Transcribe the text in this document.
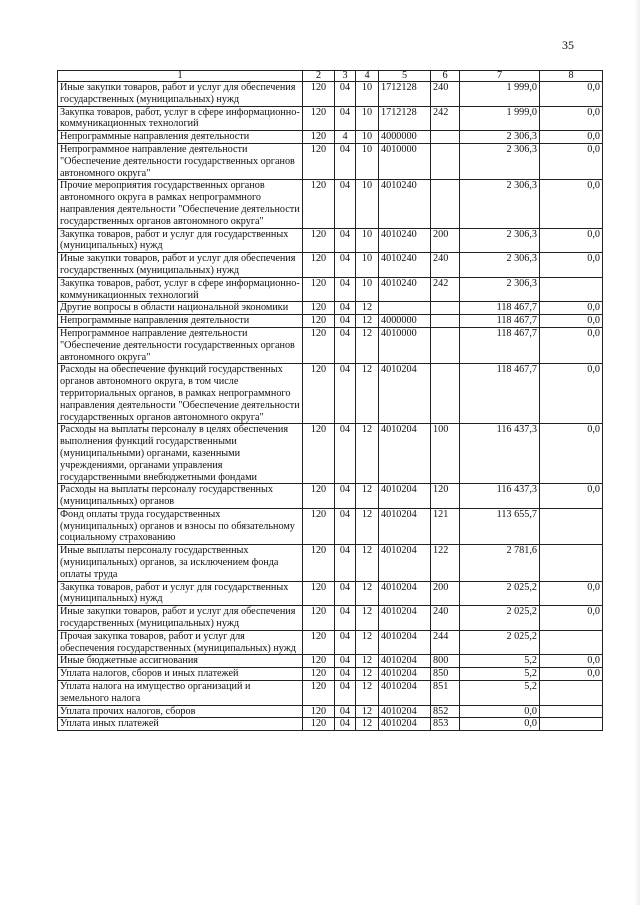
35
1	2	3	4	5	6	7	8
Иные закупки товаров, работ и услуг для обеспечения государственных (муниципальных) нужд	120	04	10	1712128	240	1 999,0	0,0
Закупка товаров, работ, услуг в сфере информационно-коммуникационных технологий	120	04	10	1712128	242	1 999,0	0,0
Непрограммные направления деятельности	120	4	10	4000000		2 306,3	0,0
Непрограммное направление деятельности "Обеспечение деятельности государственных органов автономного округа"	120	04	10	4010000		2 306,3	0,0
Прочие мероприятия государственных органов автономного округа в рамках непрограммного направления деятельности "Обеспечение деятельности государственных органов автономного округа"	120	04	10	4010240		2 306,3	0,0
Закупка товаров, работ и услуг для государственных (муниципальных) нужд	120	04	10	4010240	200	2 306,3	0,0
Иные закупки товаров, работ и услуг для обеспечения государственных (муниципальных) нужд	120	04	10	4010240	240	2 306,3	0,0
Закупка товаров, работ, услуг в сфере информационно-коммуникационных технологий	120	04	10	4010240	242	2 306,3	
Другие вопросы в области национальной экономики	120	04	12			118 467,7	0,0
Непрограммные направления деятельности	120	04	12	4000000		118 467,7	0,0
Непрограммное направление деятельности "Обеспечение деятельности государственных органов автономного округа"	120	04	12	4010000		118 467,7	0,0
Расходы на обеспечение функций государственных органов автономного округа, в том числе территориальных органов, в рамках непрограммного направления деятельности "Обеспечение деятельности государственных органов автономного округа"	120	04	12	4010204		118 467,7	0,0
Расходы на выплаты персоналу в целях обеспечения выполнения функций государственными (муниципальными) органами, казенными учреждениями, органами управления государственными внебюджетными фондами	120	04	12	4010204	100	116 437,3	0,0
Расходы на выплаты персоналу государственных (муниципальных) органов	120	04	12	4010204	120	116 437,3	0,0
Фонд оплаты труда государственных (муниципальных) органов и взносы по обязательному социальному страхованию	120	04	12	4010204	121	113 655,7	
Иные выплаты персоналу государственных (муниципальных) органов, за исключением фонда оплаты труда	120	04	12	4010204	122	2 781,6	
Закупка товаров, работ и услуг для государственных (муниципальных) нужд	120	04	12	4010204	200	2 025,2	0,0
Иные закупки товаров, работ и услуг для обеспечения государственных (муниципальных) нужд	120	04	12	4010204	240	2 025,2	0,0
Прочая закупка товаров, работ и услуг для обеспечения государственных (муниципальных) нужд	120	04	12	4010204	244	2 025,2	
Иные бюджетные ассигнования	120	04	12	4010204	800	5,2	0,0
Уплата налогов, сборов и иных платежей	120	04	12	4010204	850	5,2	0,0
Уплата налога на имущество организаций и земельного налога	120	04	12	4010204	851	5,2	
Уплата прочих налогов, сборов	120	04	12	4010204	852	0,0	
Уплата иных платежей	120	04	12	4010204	853	0,0	
